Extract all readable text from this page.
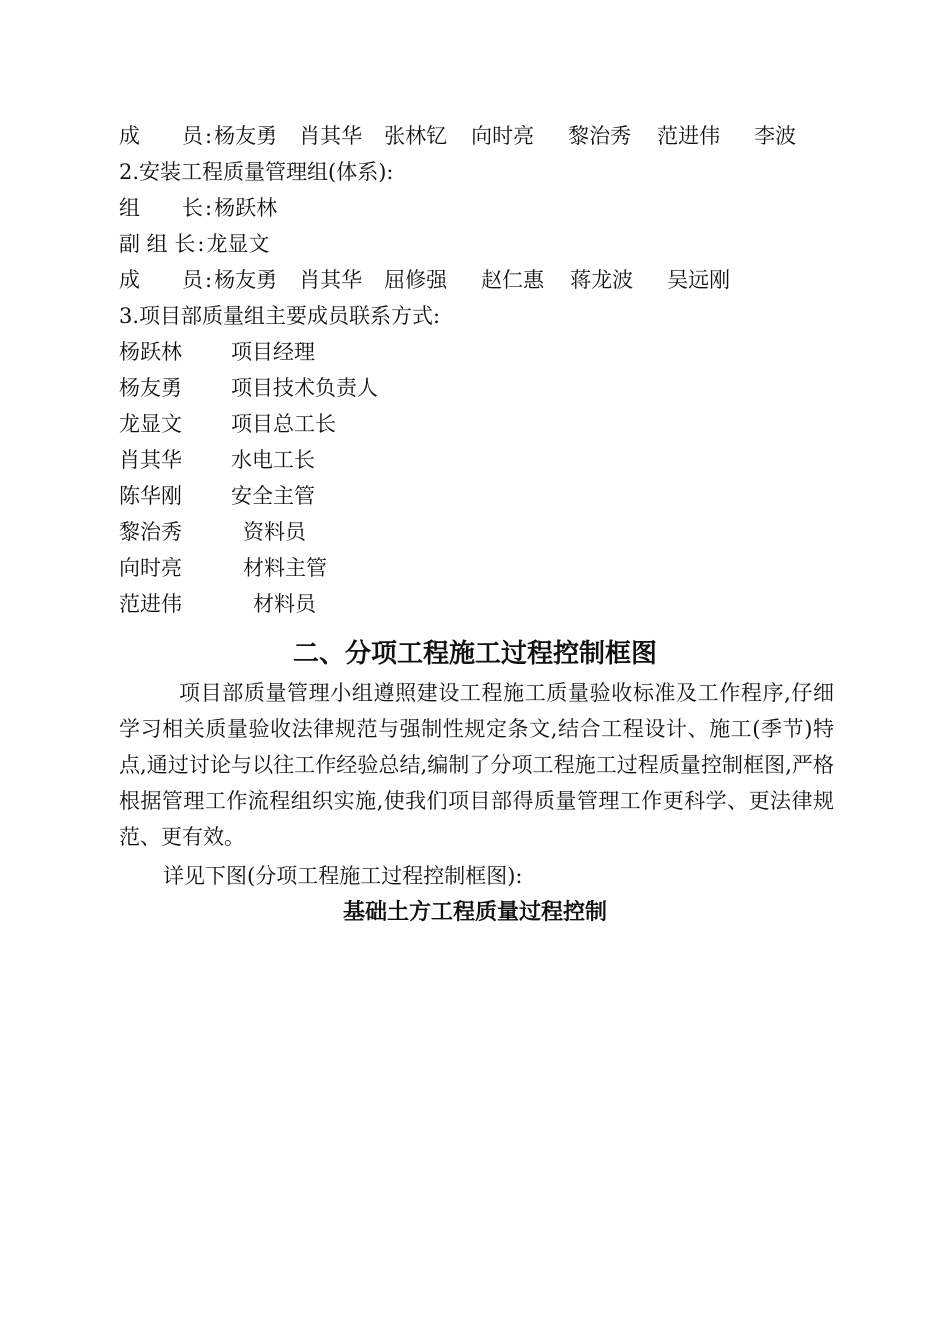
成　　员:杨友勇 肖其华 张林钇 向时亮 黎治秀 范进伟 李波
2.安装工程质量管理组(体系):
组　　长:杨跃林
副 组 长:龙显文
成　　员:杨友勇 肖其华 屈修强 赵仁惠 蒋龙波 吴远刚
3.项目部质量组主要成员联系方式:
杨跃林 项目经理
杨友勇 项目技术负责人
龙显文 项目总工长
肖其华 水电工长
陈华刚 安全主管
黎治秀	资料员
向时亮	材料主管
范进伟	材料员
二、分项工程施工过程控制框图
项目部质量管理小组遵照建设工程施工质量验收标准及工作程序,仔细学习相关质量验收法律规范与强制性规定条文,结合工程设计、施工(季节)特点,通过讨论与以往工作经验总结,编制了分项工程施工过程质量控制框图,严格根据管理工作流程组织实施,使我们项目部得质量管理工作更科学、更法律规范、更有效。
详见下图(分项工程施工过程控制框图):
基础土方工程质量过程控制
